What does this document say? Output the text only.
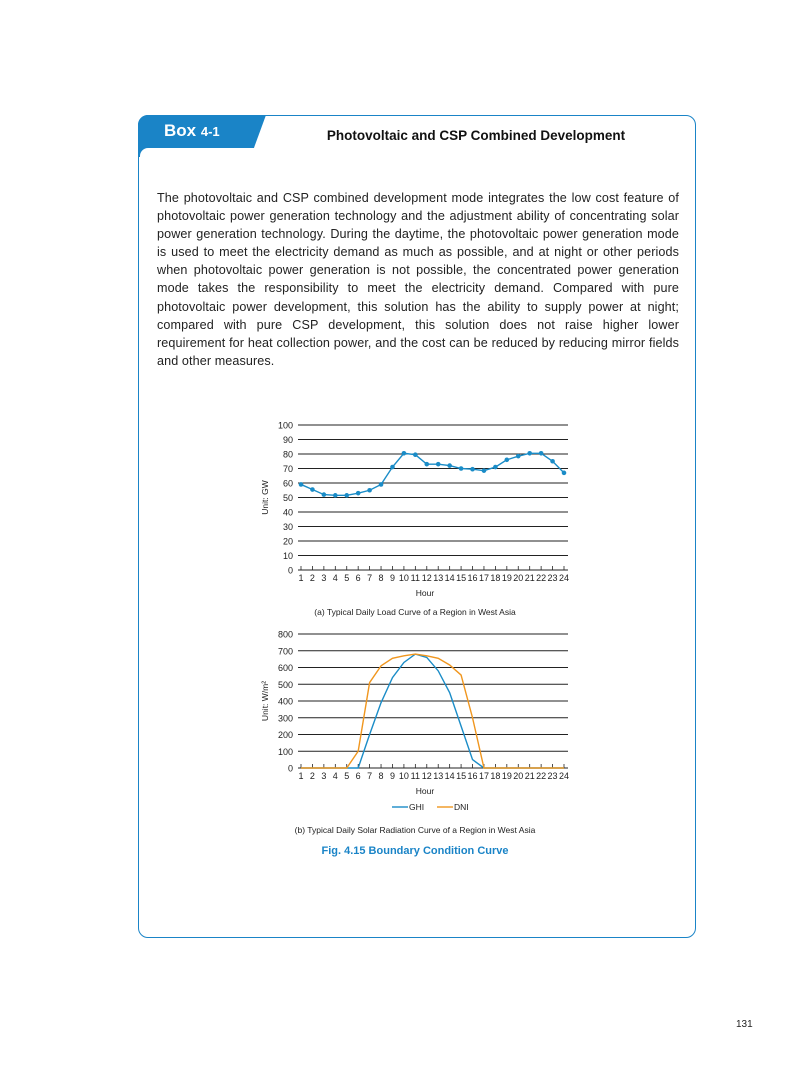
Box 4-1	Photovoltaic and CSP Combined Development
The photovoltaic and CSP combined development mode integrates the low cost feature of photovoltaic power generation technology and the adjustment ability of concentrating solar power generation technology. During the daytime, the photovoltaic power generation mode is used to meet the electricity demand as much as possible, and at night or other periods when photovoltaic power generation is not possible, the concentrated power generation mode takes the responsibility to meet the electricity demand. Compared with pure photovoltaic power development, this solution has the ability to supply power at night; compared with pure CSP development, this solution does not raise higher lower requirement for heat collection power, and the cost can be reduced by reducing mirror fields and other measures.
0
10
20
30
40
50
60
70
80
90
100
1 2 3 4 5 6 7 8 9 10 11 12 13 14 15 16 17 18 19 20 21 22 23 24
Hour
Unit: GW
(a) Typical Daily Load Curve of a Region in West Asia
0
100
200
300
400
500
600
700
800
1 2 3 4 5 6 7 8 9 10 11 12 13 14 15 16 17 18 19 20 21 22 23 24
Hour
Unit: W/m²
GHI	DNI
(b) Typical Daily Solar Radiation Curve of a Region in West Asia
Fig. 4.15 Boundary Condition Curve
131
